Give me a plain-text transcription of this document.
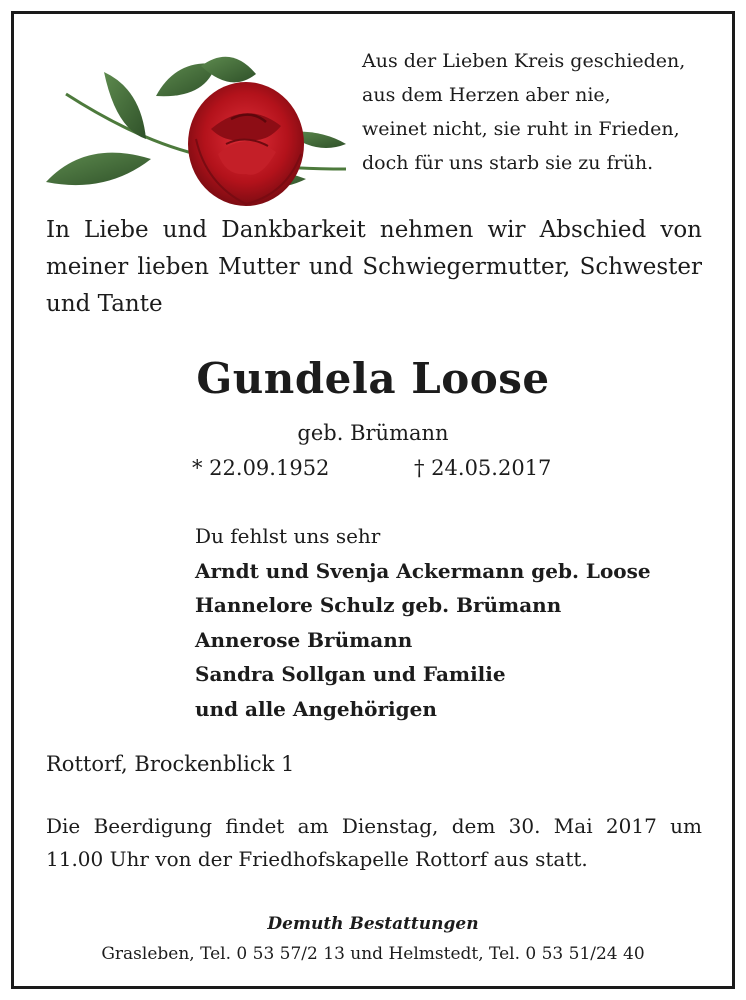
Aus der Lieben Kreis geschieden,
aus dem Herzen aber nie,
weinet nicht, sie ruht in Frieden,
doch für uns starb sie zu früh.
In Liebe und Dankbarkeit nehmen wir Abschied von meiner lieben Mutter und Schwiegermutter, Schwester und Tante
Gundela Loose
geb. Brümann
* 22.09.1952	† 24.05.2017
Du fehlst uns sehr
Arndt und Svenja Ackermann geb. Loose
Hannelore Schulz geb. Brümann
Annerose Brümann
Sandra Sollgan und Familie
und alle Angehörigen
Rottorf, Brockenblick 1
Die Beerdigung findet am Dienstag, dem 30. Mai 2017 um 11.00 Uhr von der Friedhofskapelle Rottorf aus statt.
Demuth Bestattungen
Grasleben, Tel. 0 53 57/2 13 und Helmstedt, Tel. 0 53 51/24 40
